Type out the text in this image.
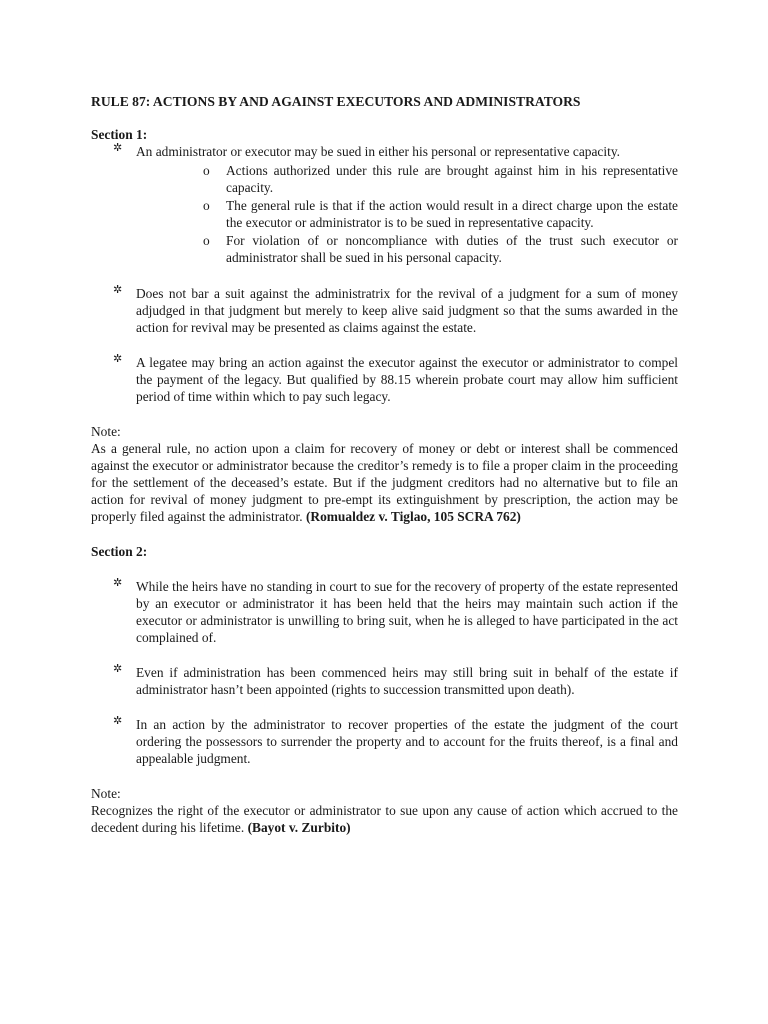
RULE 87: ACTIONS BY AND AGAINST EXECUTORS AND ADMINISTRATORS
Section 1:
✲ An administrator or executor may be sued in either his personal or representative capacity.
o Actions authorized under this rule are brought against him in his representative capacity.
o The general rule is that if the action would result in a direct charge upon the estate the executor or administrator is to be sued in representative capacity.
o For violation of or noncompliance with duties of the trust such executor or administrator shall be sued in his personal capacity.
✲ Does not bar a suit against the administratrix for the revival of a judgment for a sum of money adjudged in that judgment but merely to keep alive said judgment so that the sums awarded in the action for revival may be presented as claims against the estate.
✲ A legatee may bring an action against the executor against the executor or administrator to compel the payment of the legacy. But qualified by 88.15 wherein probate court may allow him sufficient period of time within which to pay such legacy.
Note:

As a general rule, no action upon a claim for recovery of money or debt or interest shall be commenced against the executor or administrator because the creditor’s remedy is to file a proper claim in the proceeding for the settlement of the deceased’s estate. But if the judgment creditors had no alternative but to file an action for revival of money judgment to pre-empt its extinguishment by prescription, the action may be properly filed against the administrator. (Romualdez v. Tiglao, 105 SCRA 762)

Section 2:
✲ While the heirs have no standing in court to sue for the recovery of property of the estate represented by an executor or administrator it has been held that the heirs may maintain such action if the executor or administrator is unwilling to bring suit, when he is alleged to have participated in the act complained of.
✲ Even if administration has been commenced heirs may still bring suit in behalf of the estate if administrator hasn’t been appointed (rights to succession transmitted upon death).
✲ In an action by the administrator to recover properties of the estate the judgment of the court ordering the possessors to surrender the property and to account for the fruits thereof, is a final and appealable judgment.
Note:

Recognizes the right of the executor or administrator to sue upon any cause of action which accrued to the decedent during his lifetime. (Bayot v. Zurbito)
